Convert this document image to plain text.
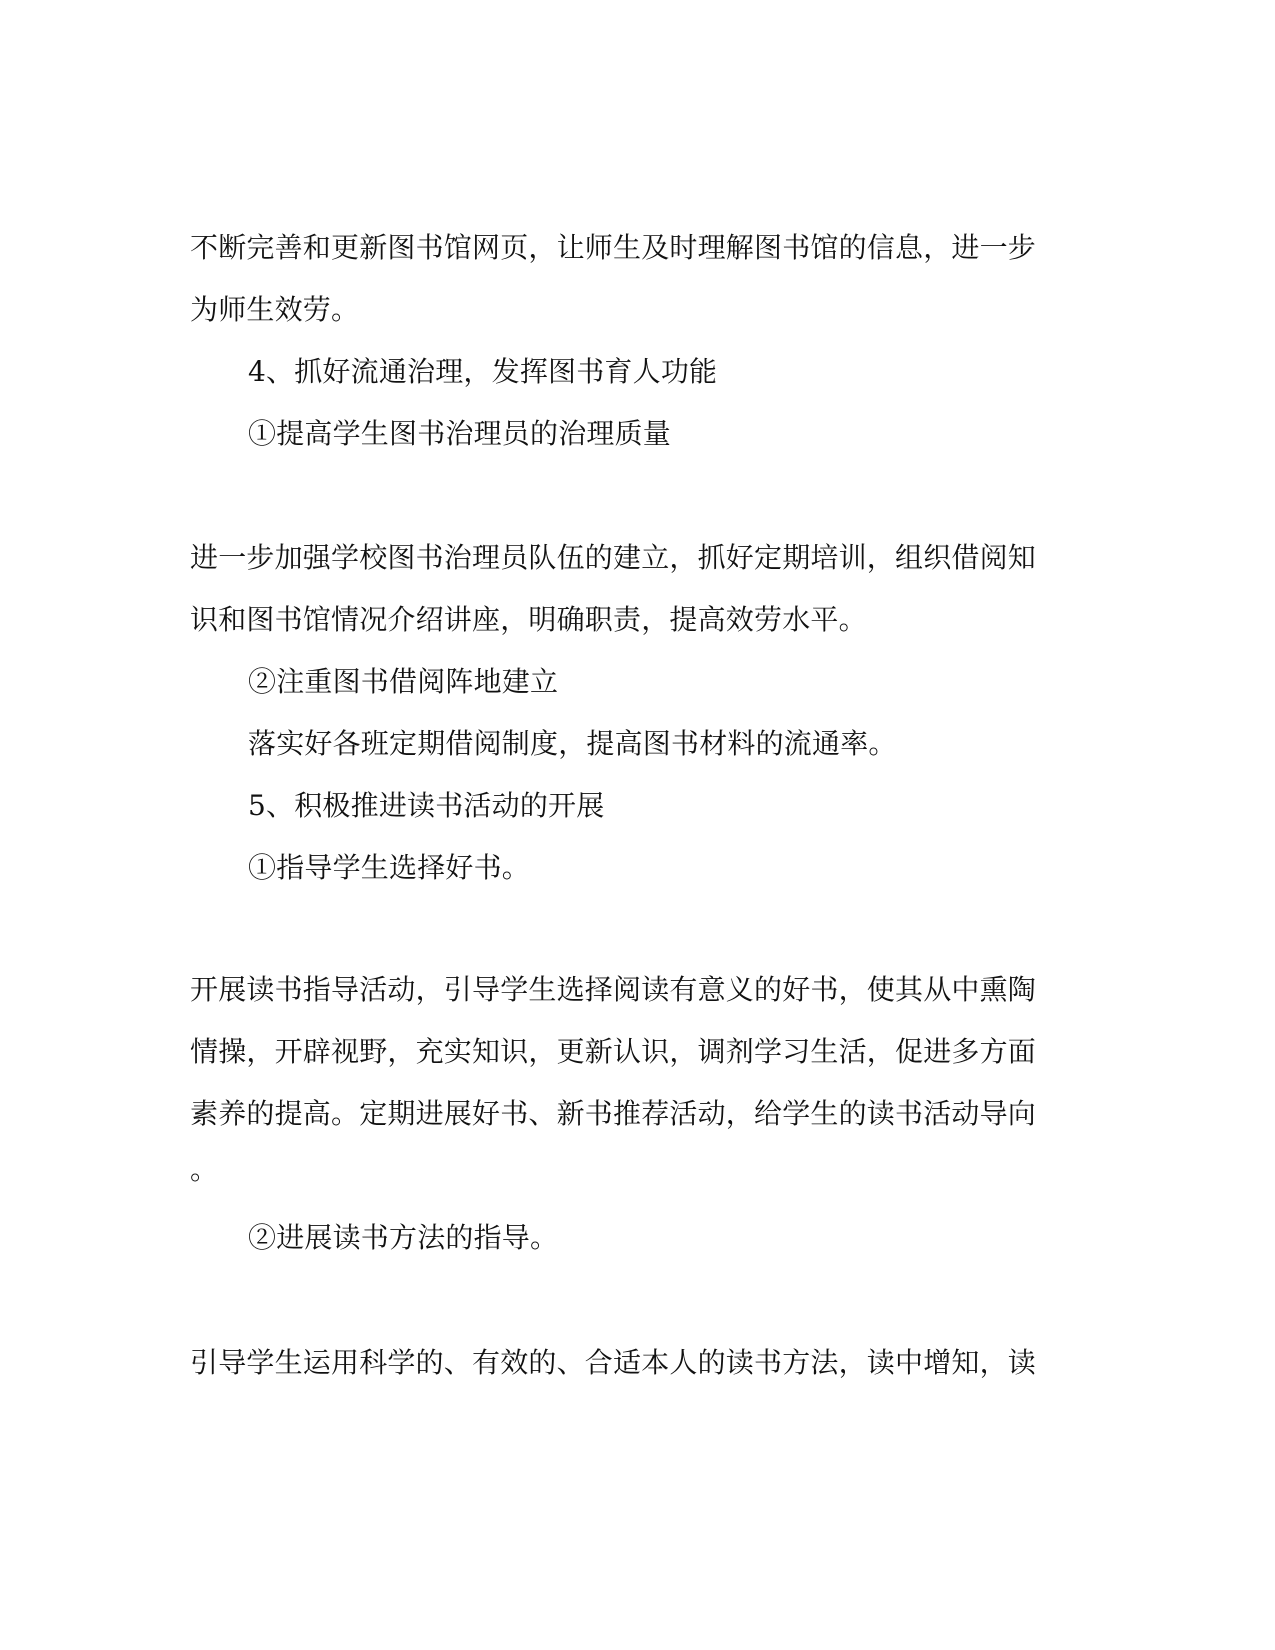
不断完善和更新图书馆网页，让师生及时理解图书馆的信息，进一步
为师生效劳。
4、抓好流通治理，发挥图书育人功能
①提高学生图书治理员的治理质量
进一步加强学校图书治理员队伍的建立，抓好定期培训，组织借阅知
识和图书馆情况介绍讲座，明确职责，提高效劳水平。
②注重图书借阅阵地建立
落实好各班定期借阅制度，提高图书材料的流通率。
5、积极推进读书活动的开展
①指导学生选择好书。
开展读书指导活动，引导学生选择阅读有意义的好书，使其从中熏陶
情操，开辟视野，充实知识，更新认识，调剂学习生活，促进多方面
素养的提高。定期进展好书、新书推荐活动，给学生的读书活动导向
。
②进展读书方法的指导。
引导学生运用科学的、有效的、合适本人的读书方法，读中增知，读
